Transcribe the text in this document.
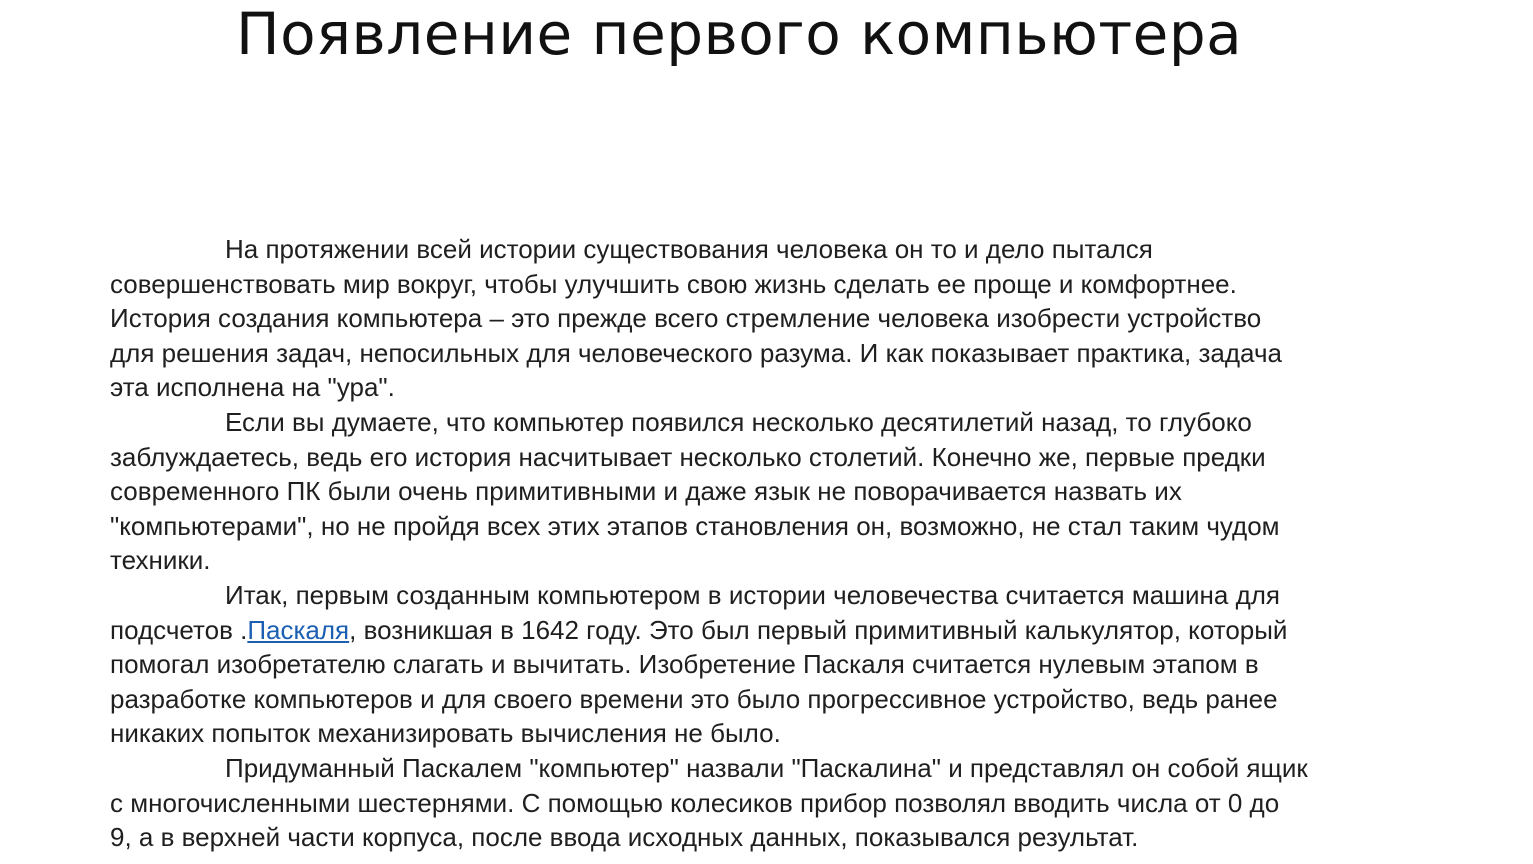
Появление первого компьютера

На протяжении всей истории существования человека он то и дело пытался
совершенствовать мир вокруг, чтобы улучшить свою жизнь сделать ее проще и комфортнее.
История создания компьютера – это прежде всего стремление человека изобрести устройство
для решения задач, непосильных для человеческого разума. И как показывает практика, задача
эта исполнена на "ура".

Если вы думаете, что компьютер появился несколько десятилетий назад, то глубоко
заблуждаетесь, ведь его история насчитывает несколько столетий. Конечно же, первые предки
современного ПК были очень примитивными и даже язык не поворачивается назвать их
"компьютерами", но не пройдя всех этих этапов становления он, возможно, не стал таким чудом
техники.

Итак, первым созданным компьютером в истории человечества считается машина для
подсчетов .Паскаля, возникшая в 1642 году. Это был первый примитивный калькулятор, который
помогал изобретателю слагать и вычитать. Изобретение Паскаля считается нулевым этапом в
разработке компьютеров и для своего времени это было прогрессивное устройство, ведь ранее
никаких попыток механизировать вычисления не было.

Придуманный Паскалем "компьютер" назвали "Паскалина" и представлял он собой ящик
с многочисленными шестернями. С помощью колесиков прибор позволял вводить числа от 0 до
9, а в верхней части корпуса, после ввода исходных данных, показывался результат.
